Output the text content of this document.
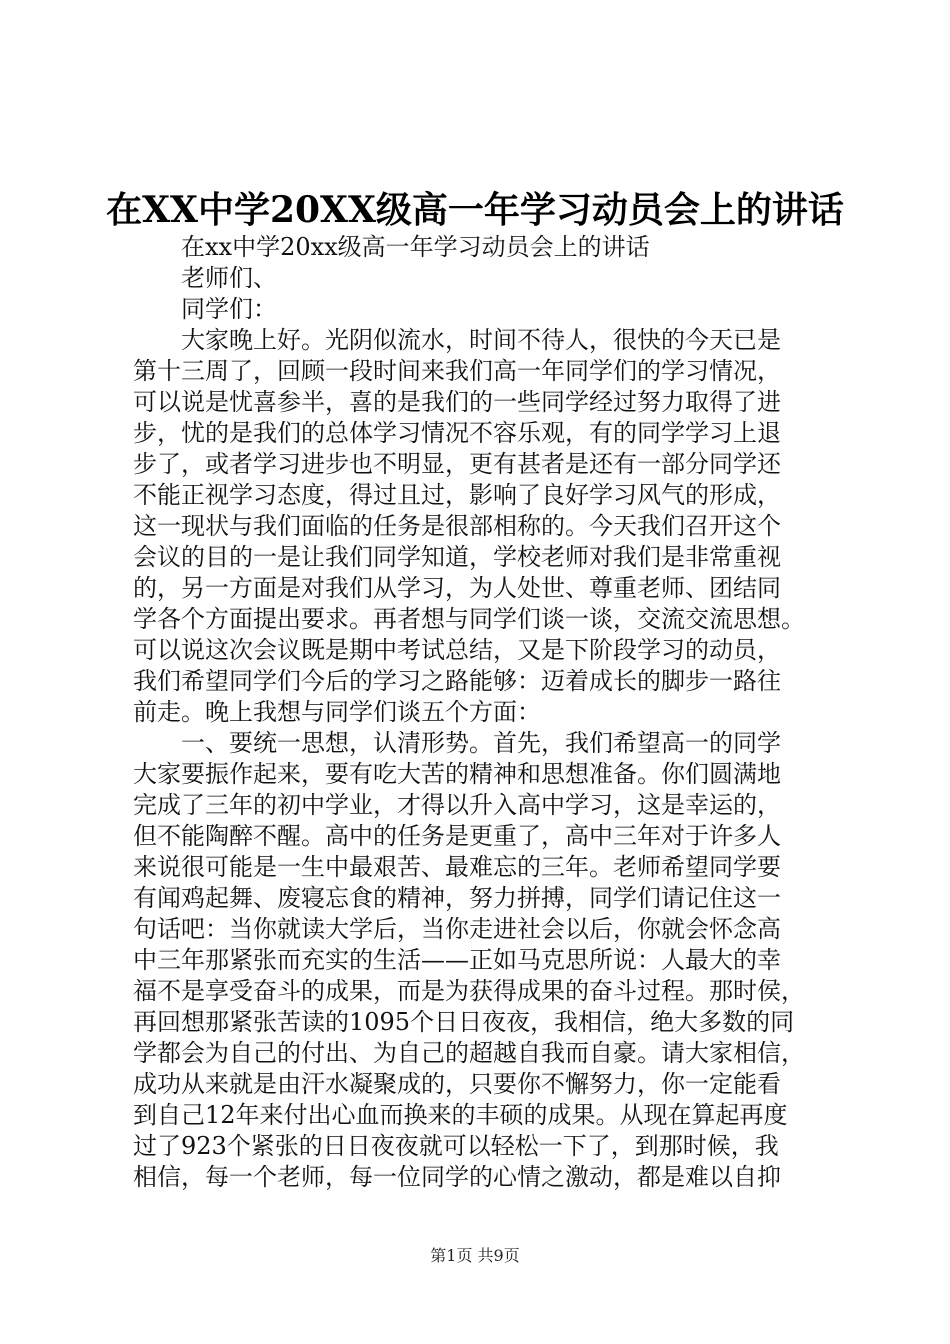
在XX中学20XX级高一年学习动员会上的讲话
在xx中学20xx级高一年学习动员会上的讲话
老师们、
同学们：
大家晚上好。光阴似流水，时间不待人，很快的今天已是
第十三周了，回顾一段时间来我们高一年同学们的学习情况，
可以说是忧喜参半，喜的是我们的一些同学经过努力取得了进
步，忧的是我们的总体学习情况不容乐观，有的同学学习上退
步了，或者学习进步也不明显，更有甚者是还有一部分同学还
不能正视学习态度，得过且过，影响了良好学习风气的形成，
这一现状与我们面临的任务是很部相称的。今天我们召开这个
会议的目的一是让我们同学知道，学校老师对我们是非常重视
的，另一方面是对我们从学习，为人处世、尊重老师、团结同
学各个方面提出要求。再者想与同学们谈一谈，交流交流思想。
可以说这次会议既是期中考试总结，又是下阶段学习的动员，
我们希望同学们今后的学习之路能够：迈着成长的脚步一路往
前走。晚上我想与同学们谈五个方面：
一、要统一思想，认清形势。首先，我们希望高一的同学
大家要振作起来，要有吃大苦的精神和思想准备。你们圆满地
完成了三年的初中学业，才得以升入高中学习，这是幸运的，
但不能陶醉不醒。高中的任务是更重了，高中三年对于许多人
来说很可能是一生中最艰苦、最难忘的三年。老师希望同学要
有闻鸡起舞、废寝忘食的精神，努力拼搏，同学们请记住这一
句话吧：当你就读大学后，当你走进社会以后，你就会怀念高
中三年那紧张而充实的生活——正如马克思所说：人最大的幸
福不是享受奋斗的成果，而是为获得成果的奋斗过程。那时侯，
再回想那紧张苦读的1095个日日夜夜，我相信，绝大多数的同
学都会为自己的付出、为自己的超越自我而自豪。请大家相信，
成功从来就是由汗水凝聚成的，只要你不懈努力，你一定能看
到自己12年来付出心血而换来的丰硕的成果。从现在算起再度
过了923个紧张的日日夜夜就可以轻松一下了，到那时候，我
相信，每一个老师，每一位同学的心情之激动，都是难以自抑
第1页 共9页
